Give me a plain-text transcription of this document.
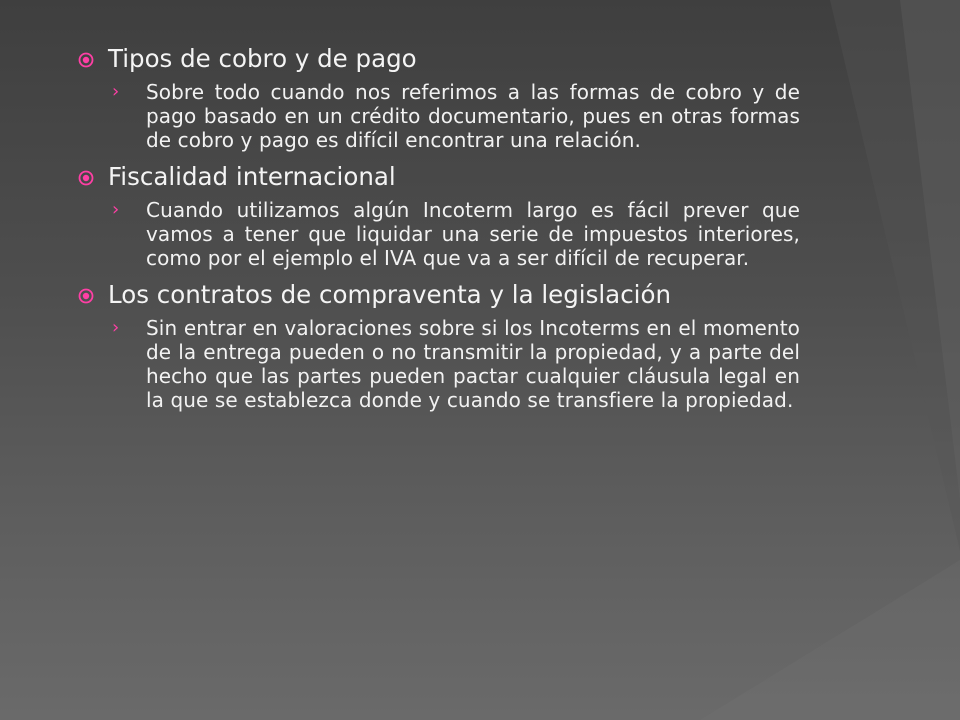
Tipos de cobro y de pago
› Sobre todo cuando nos referimos a las formas de cobro y de pago basado en un crédito documentario, pues en otras formas de cobro y pago es difícil encontrar una relación.
Fiscalidad internacional
› Cuando utilizamos algún Incoterm largo es fácil prever que vamos a tener que liquidar una serie de impuestos interiores, como por el ejemplo el IVA que va a ser difícil de recuperar.
Los contratos de compraventa y la legislación
› Sin entrar en valoraciones sobre si los Incoterms en el momento de la entrega pueden o no transmitir la propiedad, y a parte del hecho que las partes pueden pactar cualquier cláusula legal en la que se establezca donde y cuando se transfiere la propiedad.
